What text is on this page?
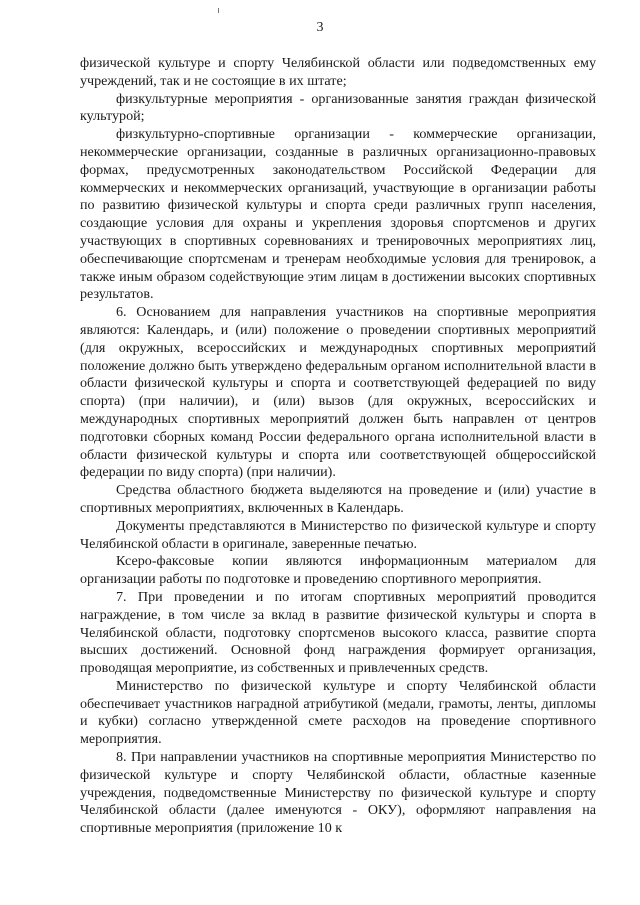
3

физической культуре и спорту Челябинской области или подведомственных ему учреждений, так и не состоящие в их штате;

физкультурные мероприятия - организованные занятия граждан физической культурой;

физкультурно-спортивные организации - коммерческие организации, некоммерческие организации, созданные в различных организационно-правовых формах, предусмотренных законодательством Российской Федерации для коммерческих и некоммерческих организаций, участвующие в организации работы по развитию физической культуры и спорта среди различных групп населения, создающие условия для охраны и укрепления здоровья спортсменов и других участвующих в спортивных соревнованиях и тренировочных мероприятиях лиц, обеспечивающие спортсменам и тренерам необходимые условия для тренировок, а также иным образом содействующие этим лицам в достижении высоких спортивных результатов.

6. Основанием для направления участников на спортивные мероприятия являются: Календарь, и (или) положение о проведении спортивных мероприятий (для окружных, всероссийских и международных спортивных мероприятий положение должно быть утверждено федеральным органом исполнительной власти в области физической культуры и спорта и соответствующей федерацией по виду спорта) (при наличии), и (или) вызов (для окружных, всероссийских и международных спортивных мероприятий должен быть направлен от центров подготовки сборных команд России федерального органа исполнительной власти в области физической культуры и спорта или соответствующей общероссийской федерации по виду спорта) (при наличии).

Средства областного бюджета выделяются на проведение и (или) участие в спортивных мероприятиях, включенных в Календарь.

Документы представляются в Министерство по физической культуре и спорту Челябинской области в оригинале, заверенные печатью.

Ксеро-факсовые копии являются информационным материалом для организации работы по подготовке и проведению спортивного мероприятия.

7. При проведении и по итогам спортивных мероприятий проводится награждение, в том числе за вклад в развитие физической культуры и спорта в Челябинской области, подготовку спортсменов высокого класса, развитие спорта высших достижений. Основной фонд награждения формирует организация, проводящая мероприятие, из собственных и привлеченных средств.

Министерство по физической культуре и спорту Челябинской области обеспечивает участников наградной атрибутикой (медали, грамоты, ленты, дипломы и кубки) согласно утвержденной смете расходов на проведение спортивного мероприятия.

8. При направлении участников на спортивные мероприятия Министерство по физической культуре и спорту Челябинской области, областные казенные учреждения, подведомственные Министерству по физической культуре и спорту Челябинской области (далее именуются - ОКУ), оформляют направления на спортивные мероприятия (приложение 10 к
